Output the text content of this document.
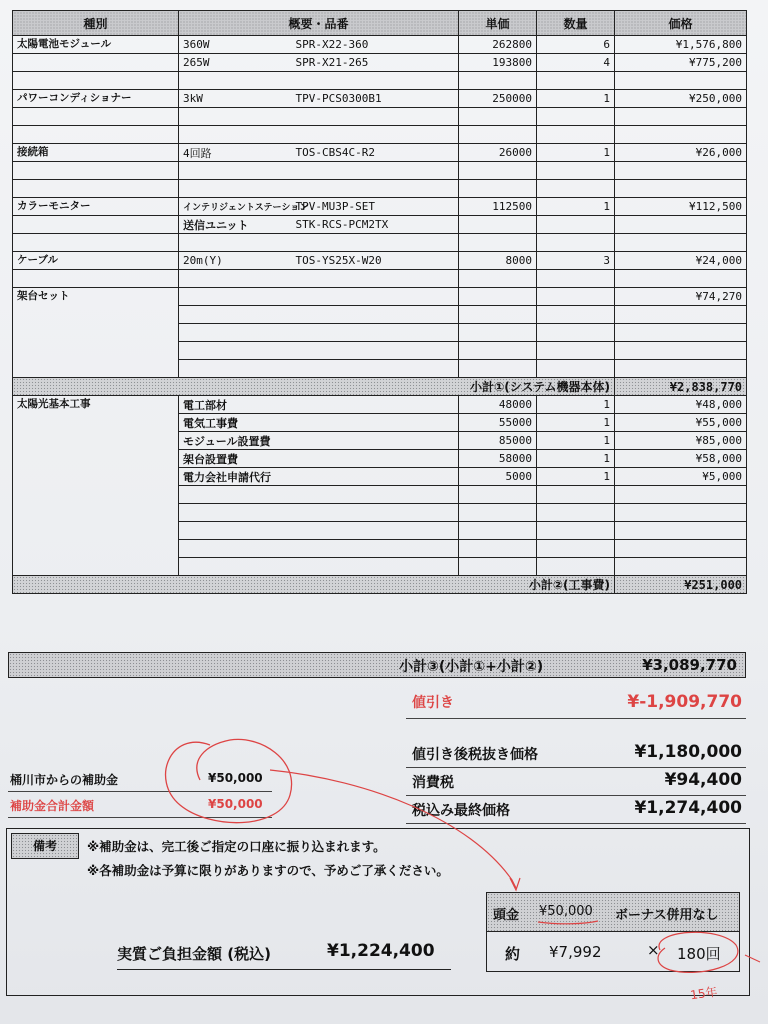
種別	概要・品番		単価	数量	価格
太陽電池モジュール	360W	SPR-X22-360	262800	6	¥1,576,800
	265W	SPR-X21-265	193800	4	¥775,200

パワーコンディショナー	3kW	TPV-PCS0300B1	250000	1	¥250,000

接続箱	4回路	TOS-CBS4C-R2	26000	1	¥26,000

カラーモニター	インテリジェントステーション	TPV-MU3P-SET	112500	1	¥112,500
	送信ユニット	STK-RCS-PCM2TX			

ケーブル	20m(Y)	TOS-YS25X-W20	8000	3	¥24,000

架台セット					¥74,270

小計①(システム機器本体)					¥2,838,770
太陽光基本工事	電工部材		48000	1	¥48,000
	電気工事費		55000	1	¥55,000
	モジュール設置費		85000	1	¥85,000
	架台設置費		58000	1	¥58,000
	電力会社申請代行		5000	1	¥5,000

小計②(工事費)					¥251,000
小計③(小計①+小計②)	¥3,089,770
値引き	¥-1,909,770
値引き後税抜き価格	¥1,180,000
消費税	¥94,400
税込み最終価格	¥1,274,400
桶川市からの補助金	¥50,000
補助金合計金額	¥50,000
備考	※補助金は、完工後ご指定の口座に振り込まれます。
※各補助金は予算に限りがありますので、予めご了承ください。
実質ご負担金額 (税込)	¥1,224,400
頭金 ¥50,000 ボーナス併用なし
約 ¥7,992	× 180回
15年
